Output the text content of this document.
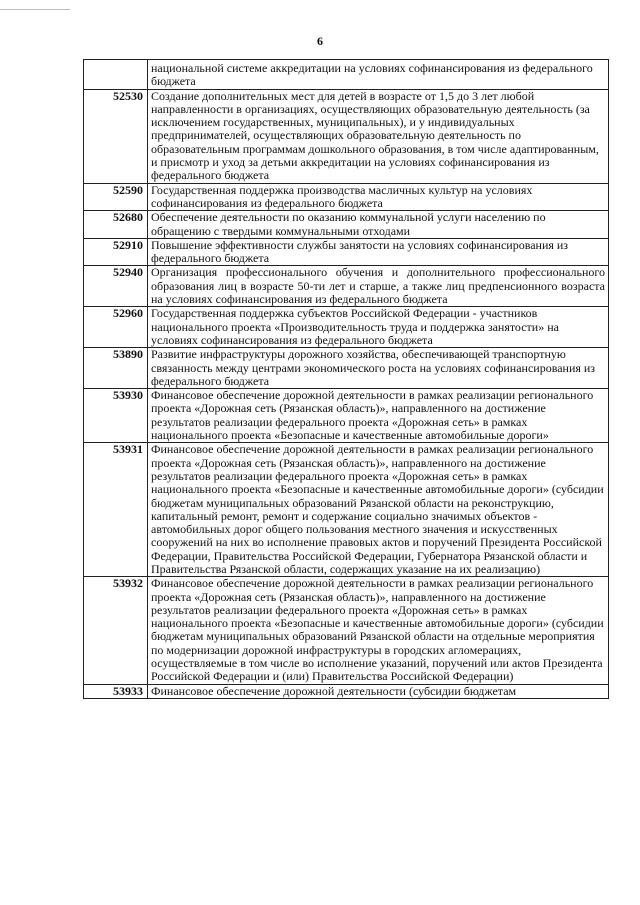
6
	национальной системе аккредитации на условиях софинансирования из федерального бюджета
52530	Создание дополнительных мест для детей в возрасте от 1,5 до 3 лет любой направленности в организациях, осуществляющих образовательную деятельность (за исключением государственных, муниципальных), и у индивидуальных предпринимателей, осуществляющих образовательную деятельность по образовательным программам дошкольного образования, в том числе адаптированным, и присмотр и уход за детьми аккредитации на условиях софинансирования из федерального бюджета
52590	Государственная поддержка производства масличных культур на условиях софинансирования из федерального бюджета
52680	Обеспечение деятельности по оказанию коммунальной услуги населению по обращению с твердыми коммунальными отходами
52910	Повышение эффективности службы занятости на условиях софинансирования из федерального бюджета
52940	Организация профессионального обучения и дополнительного профессионального образования лиц в возрасте 50-ти лет и старше, а также лиц предпенсионного возраста на условиях софинансирования из федерального бюджета
52960	Государственная поддержка субъектов Российской Федерации - участников национального проекта «Производительность труда и поддержка занятости» на условиях софинансирования из федерального бюджета
53890	Развитие инфраструктуры дорожного хозяйства, обеспечивающей транспортную связанность между центрами экономического роста на условиях софинансирования из федерального бюджета
53930	Финансовое обеспечение дорожной деятельности в рамках реализации регионального проекта «Дорожная сеть (Рязанская область)», направленного на достижение результатов реализации федерального проекта «Дорожная сеть» в рамках национального проекта «Безопасные и качественные автомобильные дороги»
53931	Финансовое обеспечение дорожной деятельности в рамках реализации регионального проекта «Дорожная сеть (Рязанская область)», направленного на достижение результатов реализации федерального проекта «Дорожная сеть» в рамках национального проекта «Безопасные и качественные автомобильные дороги» (субсидии бюджетам муниципальных образований Рязанской области на реконструкцию, капитальный ремонт, ремонт и содержание социально значимых объектов - автомобильных дорог общего пользования местного значения и искусственных сооружений на них во исполнение правовых актов и поручений Президента Российской Федерации, Правительства Российской Федерации, Губернатора Рязанской области и Правительства Рязанской области, содержащих указание на их реализацию)
53932	Финансовое обеспечение дорожной деятельности в рамках реализации регионального проекта «Дорожная сеть (Рязанская область)», направленного на достижение результатов реализации федерального проекта «Дорожная сеть» в рамках национального проекта «Безопасные и качественные автомобильные дороги» (субсидии бюджетам муниципальных образований Рязанской области на отдельные мероприятия по модернизации дорожной инфраструктуры в городских агломерациях, осуществляемые в том числе во исполнение указаний, поручений или актов Президента Российской Федерации и (или) Правительства Российской Федерации)
53933	Финансовое обеспечение дорожной деятельности (субсидии бюджетам
